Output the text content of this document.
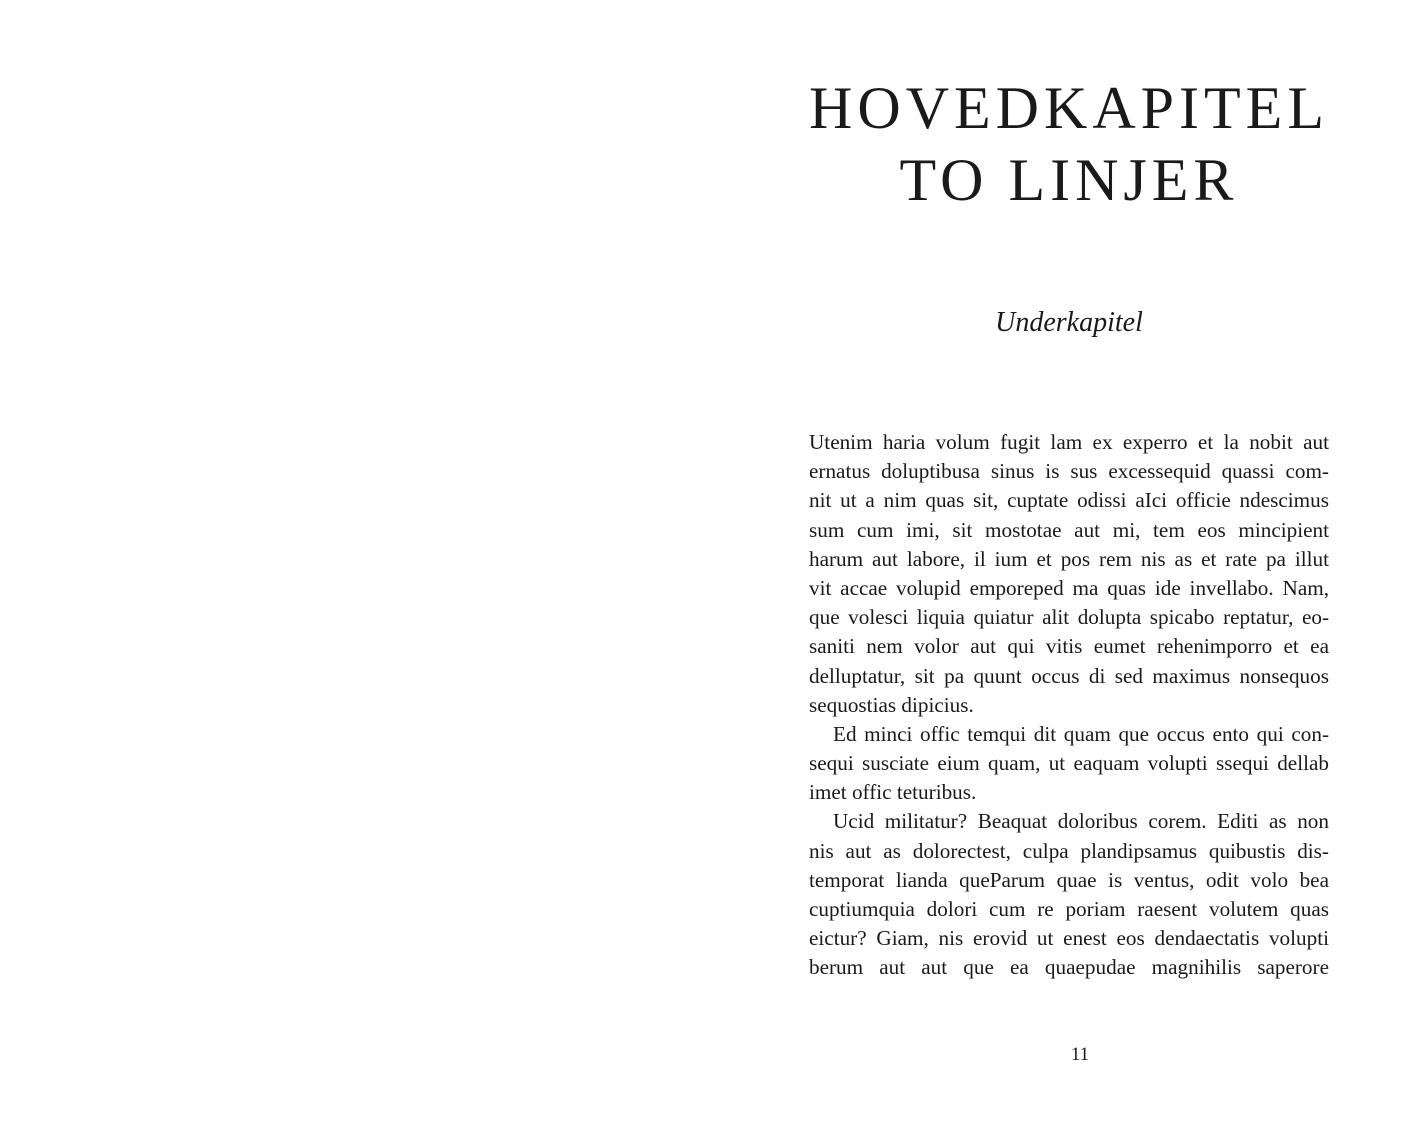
HOVEDKAPITEL
TO LINJER
Underkapitel
Utenim haria volum fugit lam ex experro et la nobit aut
ernatus doluptibusa sinus is sus excessequid quassi com-
nit ut a nim quas sit, cuptate odissi aIci officie ndescimus
sum cum imi, sit mostotae aut mi, tem eos mincipient
harum aut labore, il ium et pos rem nis as et rate pa illut
vit accae volupid emporeped ma quas ide invellabo. Nam,
que volesci liquia quiatur alit dolupta spicabo reptatur, eo-
saniti nem volor aut qui vitis eumet rehenimporro et ea
delluptatur, sit pa quunt occus di sed maximus nonsequos
sequostias dipicius.
Ed minci offic temqui dit quam que occus ento qui con-
sequi susciate eium quam, ut eaquam volupti ssequi dellab
imet offic teturibus.
Ucid militatur? Beaquat doloribus corem. Editi as non
nis aut as dolorectest, culpa plandipsamus quibustis dis-
temporat lianda queParum quae is ventus, odit volo bea
cuptiumquia dolori cum re poriam raesent volutem quas
eictur? Giam, nis erovid ut enest eos dendaectatis volupti
berum aut aut que ea quaepudae magnihilis saperore
11
